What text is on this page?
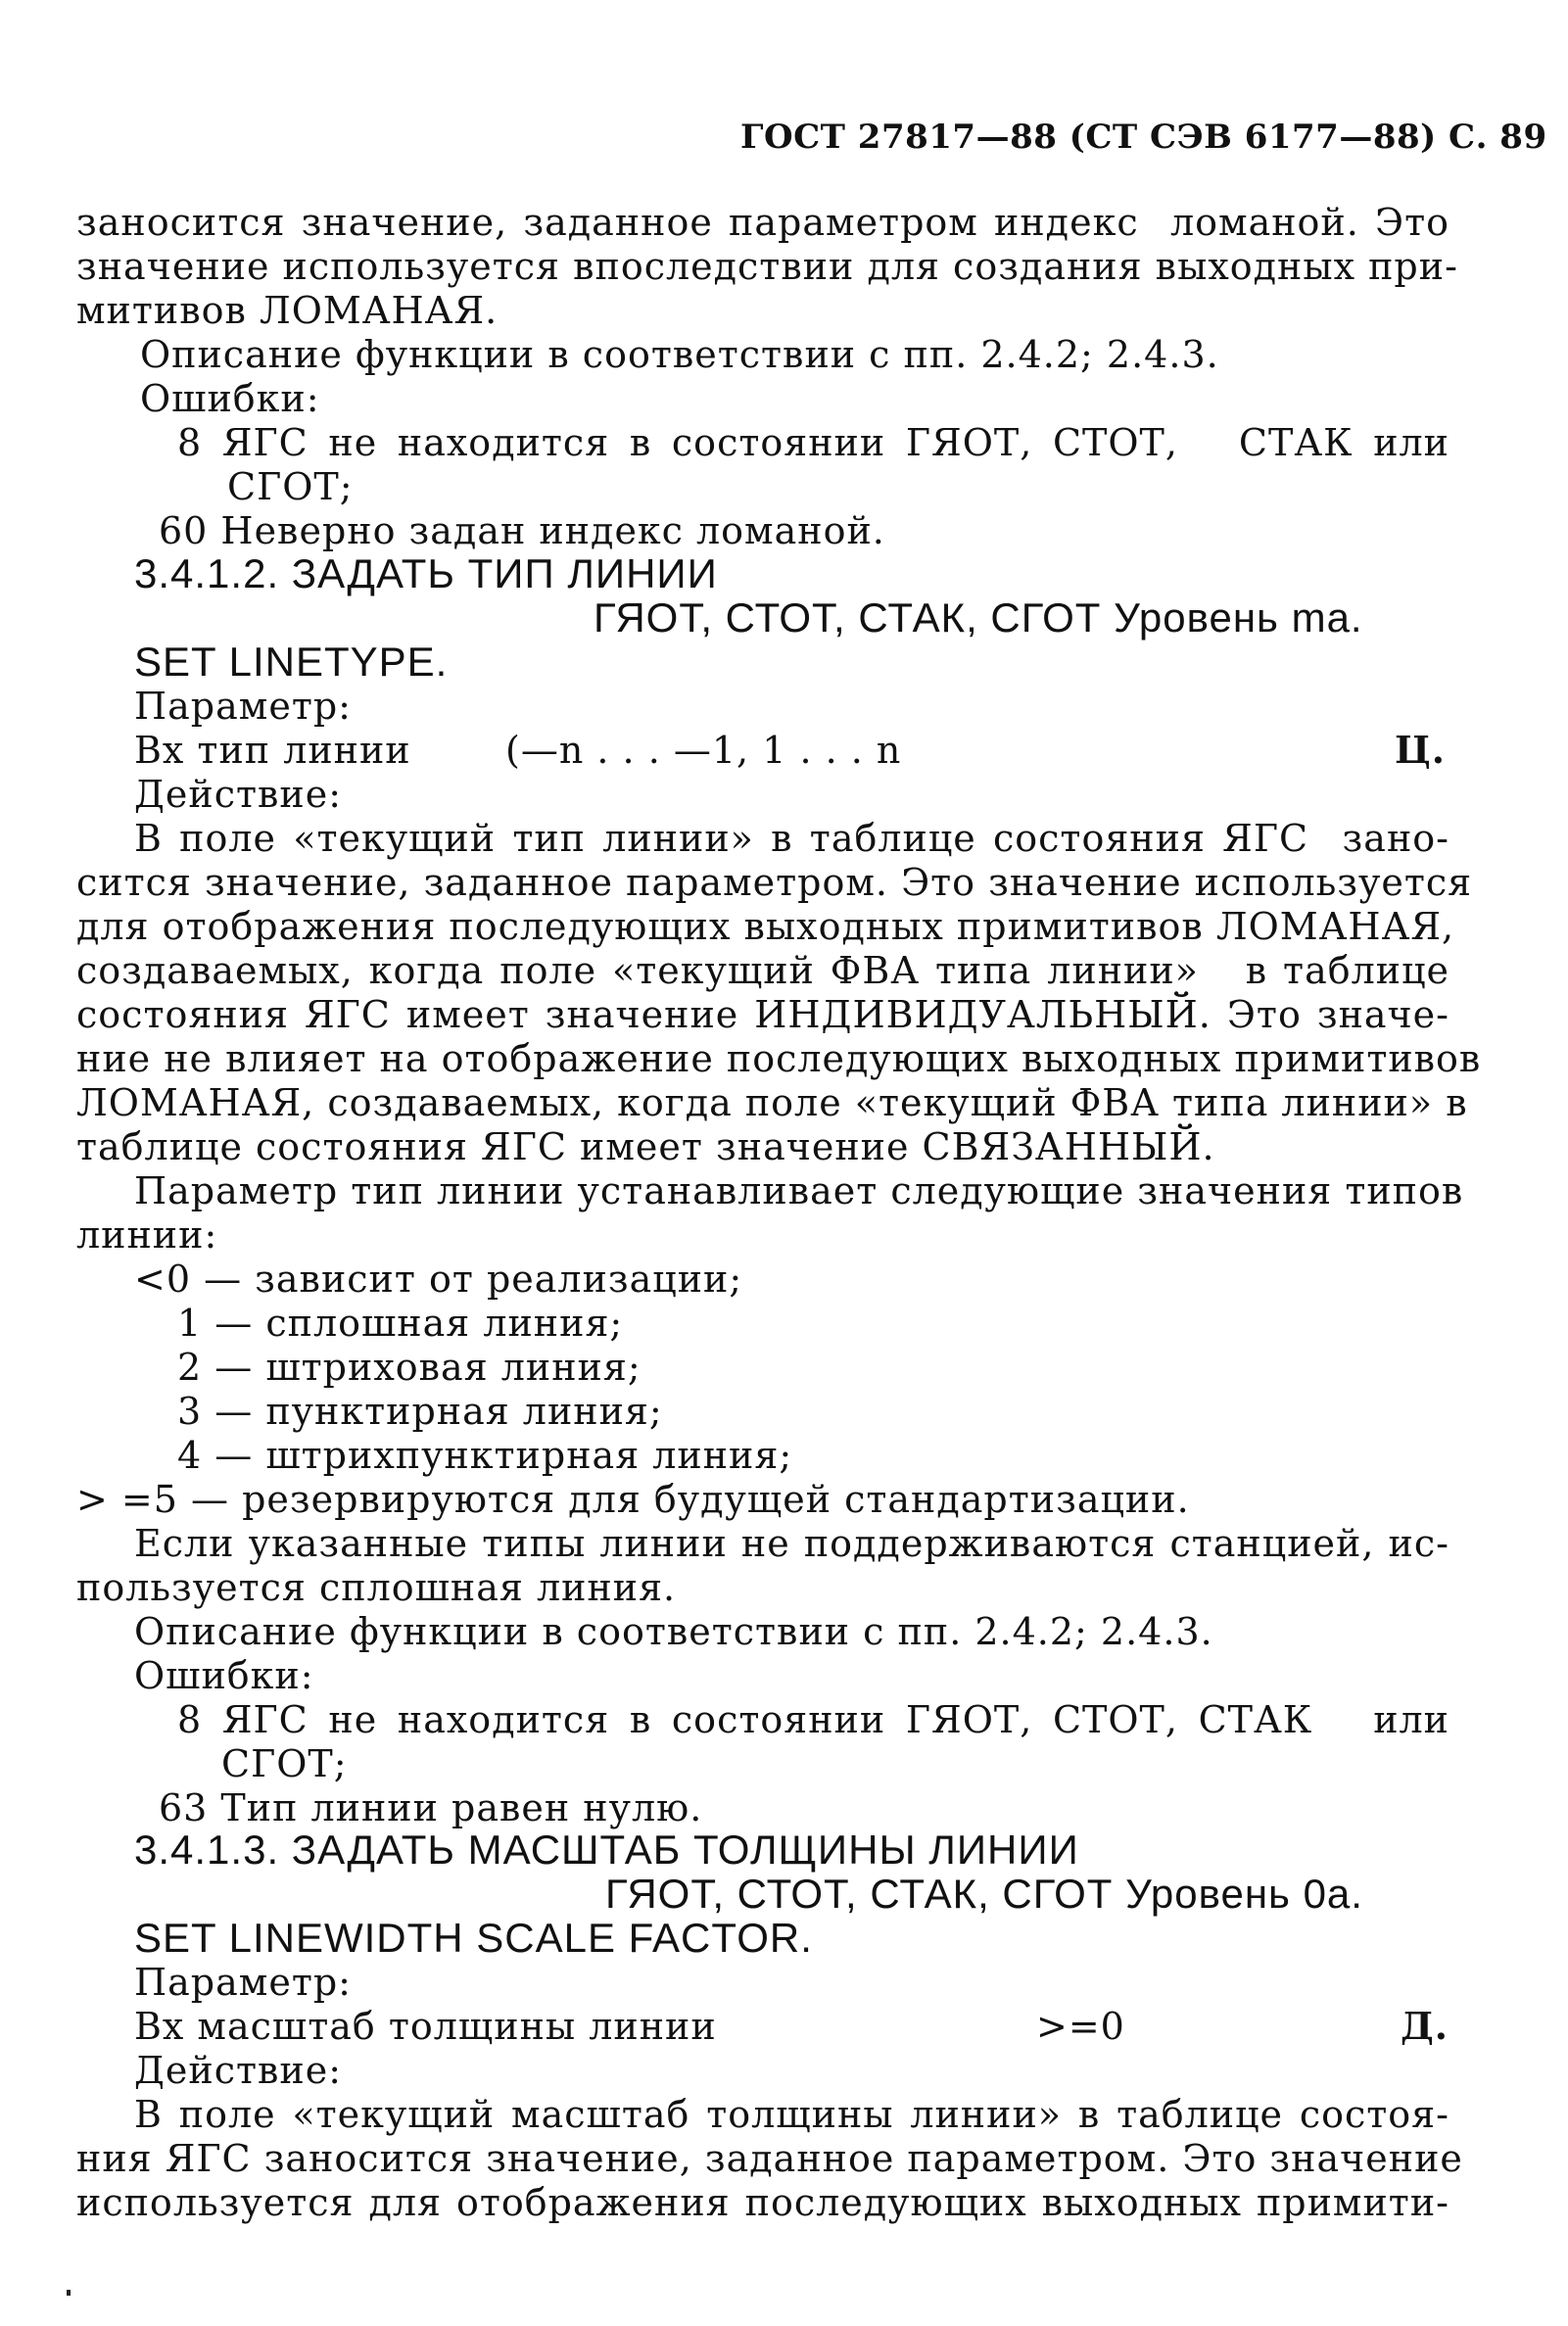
ГОСТ 27817—88 (СТ СЭВ 6177—88) С. 89
заносится значение, заданное параметром индекс  ломаной. Это
значение используется впоследствии для создания выходных при-
митивов ЛОМАНАЯ.
Описание функции в соответствии с пп. 2.4.2; 2.4.3.
Ошибки:
8 ЯГС не находится в состоянии ГЯОТ, СТОТ,   СТАК или
СГОТ;
60 Неверно задан индекс ломаной.
3.4.1.2. ЗАДАТЬ ТИП ЛИНИИ
ГЯОТ, СТОТ, СТАК, СГОТ Уровень ma.
SET LINETYPE.
Параметр:
Вх тип линии	(—n . . . —1, 1 . . . n	Ц.
Действие:
В поле «текущий тип линии» в таблице состояния ЯГС  зано-
сится значение, заданное параметром. Это значение используется
для отображения последующих выходных примитивов ЛОМАНАЯ,
создаваемых, когда поле «текущий ФВА типа линии»   в таблице
состояния ЯГС имеет значение ИНДИВИДУАЛЬНЫЙ. Это значе-
ние не влияет на отображение последующих выходных примитивов
ЛОМАНАЯ, создаваемых, когда поле «текущий ФВА типа линии» в
таблице состояния ЯГС имеет значение СВЯЗАННЫЙ.
Параметр тип линии устанавливает следующие значения типов
линии:
<0 — зависит от реализации;
1 — сплошная линия;
2 — штриховая линия;
3 — пунктирная линия;
4 — штрихпунктирная линия;
> =5 — резервируются для будущей стандартизации.
Если указанные типы линии не поддерживаются станцией, ис-
пользуется сплошная линия.
Описание функции в соответствии с пп. 2.4.2; 2.4.3.
Ошибки:
8 ЯГС не находится в состоянии ГЯОТ, СТОТ, СТАК   или
СГОТ;
63 Тип линии равен нулю.
3.4.1.3. ЗАДАТЬ МАСШТАБ ТОЛЩИНЫ ЛИНИИ
ГЯОТ, СТОТ, СТАК, СГОТ Уровень 0a.
SET LINEWIDTH SCALE FACTOR.
Параметр:
Вх масштаб толщины линии	>=0	Д.
Действие:
В поле «текущий масштаб толщины линии» в таблице состоя-
ния ЯГС заносится значение, заданное параметром. Это значение
используется для отображения последующих выходных примити-
